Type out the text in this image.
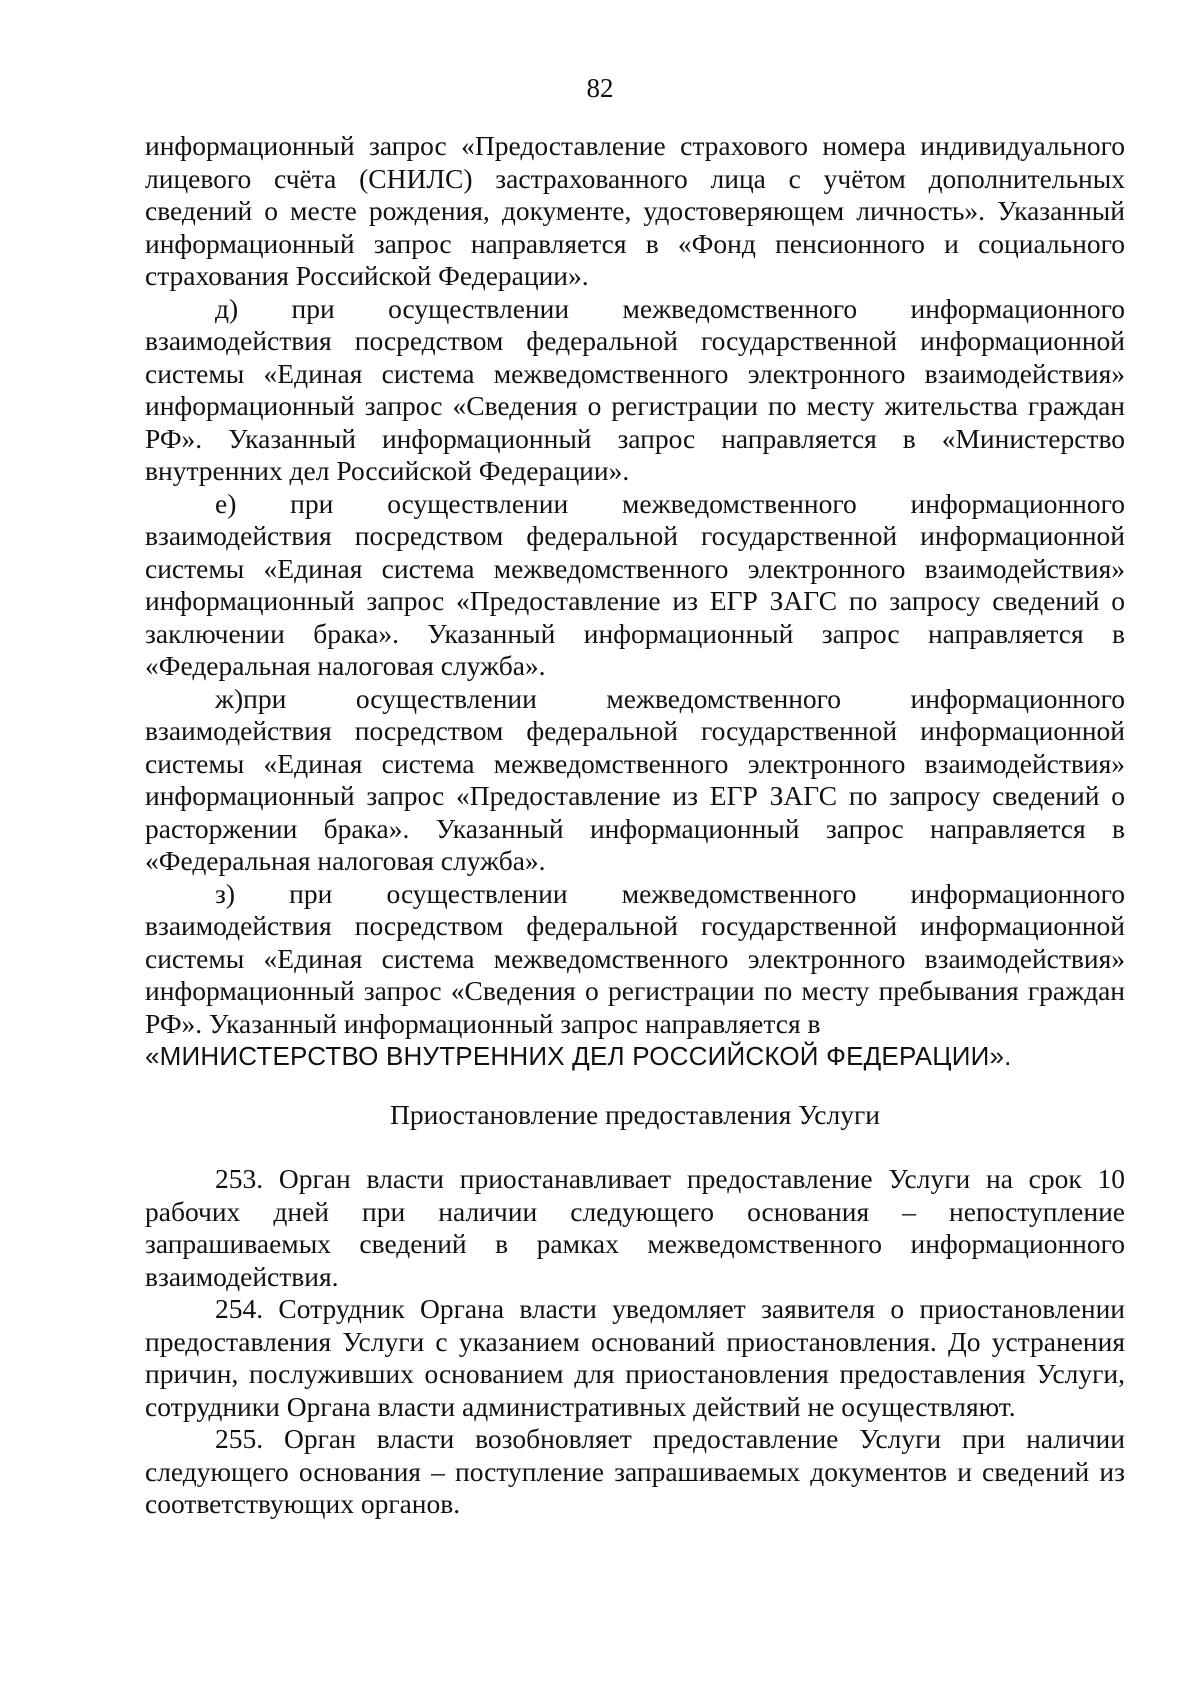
82

информационный запрос «Предоставление страхового номера индивидуального лицевого счёта (СНИЛС) застрахованного лица с учётом дополнительных сведений о месте рождения, документе, удостоверяющем личность». Указанный информационный запрос направляется в «Фонд пенсионного и социального страхования Российской Федерации».

д) при осуществлении межведомственного информационного взаимодействия посредством федеральной государственной информационной системы «Единая система межведомственного электронного взаимодействия» информационный запрос «Сведения о регистрации по месту жительства граждан РФ». Указанный информационный запрос направляется в «Министерство внутренних дел Российской Федерации».

е) при осуществлении межведомственного информационного взаимодействия посредством федеральной государственной информационной системы «Единая система межведомственного электронного взаимодействия» информационный запрос «Предоставление из ЕГР ЗАГС по запросу сведений о заключении брака». Указанный информационный запрос направляется в «Федеральная налоговая служба».

ж)при осуществлении межведомственного информационного взаимодействия посредством федеральной государственной информационной системы «Единая система межведомственного электронного взаимодействия» информационный запрос «Предоставление из ЕГР ЗАГС по запросу сведений о расторжении брака». Указанный информационный запрос направляется в «Федеральная налоговая служба».

з) при осуществлении межведомственного информационного взаимодействия посредством федеральной государственной информационной системы «Единая система межведомственного электронного взаимодействия» информационный запрос «Сведения о регистрации по месту пребывания граждан РФ». Указанный информационный запрос направляется в

«МИНИСТЕРСТВО ВНУТРЕННИХ ДЕЛ РОССИЙСКОЙ ФЕДЕРАЦИИ».

Приостановление предоставления Услуги

253. Орган власти приостанавливает предоставление Услуги на срок 10 рабочих дней при наличии следующего основания – непоступление запрашиваемых сведений в рамках межведомственного информационного взаимодействия.

254. Сотрудник Органа власти уведомляет заявителя о приостановлении предоставления Услуги с указанием оснований приостановления. До устранения причин, послуживших основанием для приостановления предоставления Услуги, сотрудники Органа власти административных действий не осуществляют.

255. Орган власти возобновляет предоставление Услуги при наличии следующего основания – поступление запрашиваемых документов и сведений из соответствующих органов.
